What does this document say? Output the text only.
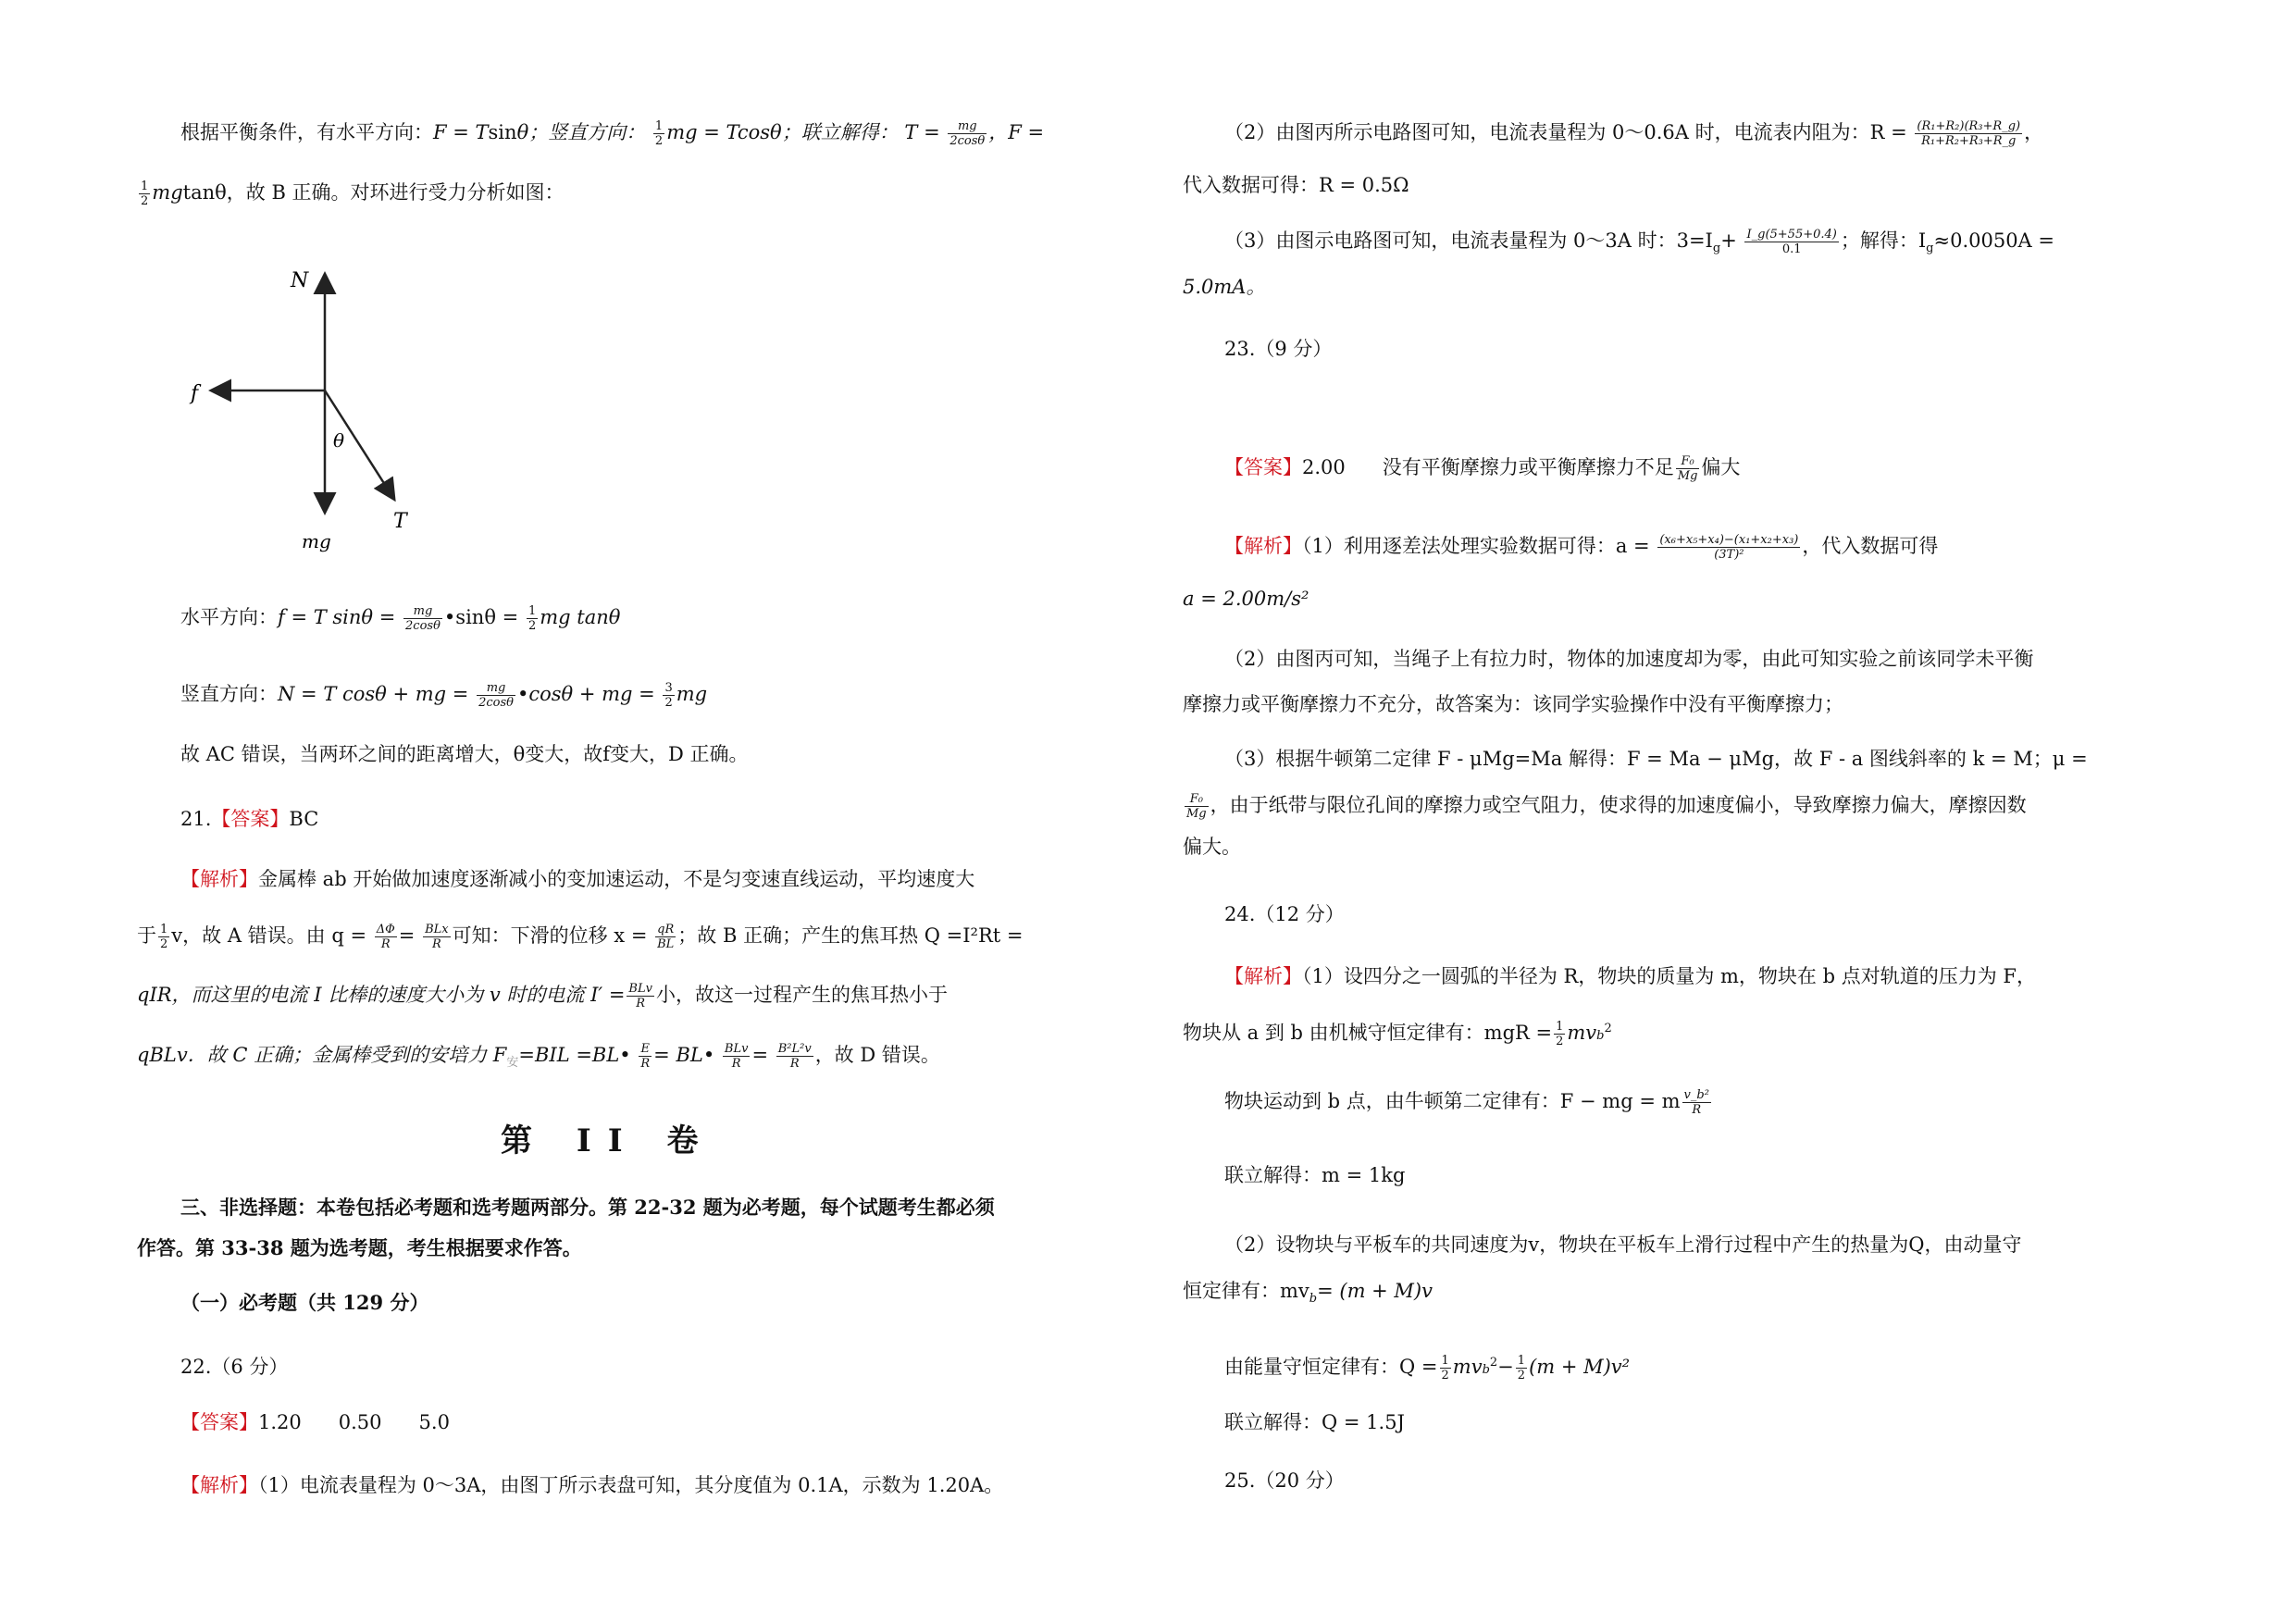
根据平衡条件，有水平方向：F = Tsinθ；竖直方向： $\frac{1}{2}$ mg = Tcosθ；联立解得： $T = \frac{mg}{2\cos\theta}$ ，F =
$\frac{1}{2}$ mgtanθ，故 B 正确。对环进行受力分析如图：
N
f
θ
T
mg
水平方向：f = T $\sin\theta = \frac{mg}{2\cos\theta}$ •sinθ = $\frac{1}{2}$ mg tanθ
竖直方向：N = T cosθ + mg = $\frac{mg}{2\cos\theta}$ •cosθ + mg = $\frac{3}{2}$ mg
故 AC 错误，当两环之间的距离增大，θ变大，故f变大，D 正确。
21.【答案】BC
【解析】金属棒 ab 开始做加速度逐渐减小的变加速运动，不是匀变速直线运动，平均速度大
于 $\frac{1}{2}$ v，故 A 错误。由 $q = \frac{\Delta\Phi}{R} = \frac{\text{BLx}}{R}$ 可知：下滑的位移 $x = \frac{qR}{BL}$ ；故 B 正确；产生的焦耳热 Q =I²Rt =
qIR，而这里的电流 I 比棒的速度大小为 v 时的电流 $I' = \frac{\text{BLv}}{R}$ 小，故这一过程产生的焦耳热小于
qBLv．故 C 正确；金属棒受到的安培力 $F_安=BIL$ =BL• $\frac{E}{R}$ = BL• $\frac{\text{BLv}}{R} = \frac{\text{B²L²v}}{R}$ ，故 D 错误。
第 II 卷
三、非选择题：本卷包括必考题和选考题两部分。第 22-32 题为必考题，每个试题考生都必须
作答。第 33-38 题为选考题，考生根据要求作答。
（一）必考题（共 129 分）
22.（6 分）
【答案】1.20 0.50 5.0
【解析】（1）电流表量程为 0～3A，由图丁所示表盘可知，其分度值为 0.1A，示数为 1.20A。
（2）由图丙所示电路图可知，电流表量程为 0～0.6A 时，电流表内阻为：$R = \frac{\text{(R₁+R₂)(R₃+R\_g)}}{\text{R₁+R₂+R₃+R\_g}}$ ，
代入数据可得：R = 0.5Ω
（3）由图示电路图可知，电流表量程为 0～3A 时：$3=I_g+ \frac{I\_g(5+55+0.4)}{0.1}$ ；解得：$I_g\approx 0.0050A$ =
5.0mA。
23.（9 分）
【答案】2.00 没有平衡摩擦力或平衡摩擦力不足 $\frac{\text{F₀}}{Mg}$ 偏大
【解析】（1）利用逐差法处理实验数据可得：$a = \frac{\text{(x₆+x₅+x₄)−(x₁+x₂+x₃)}}{\text{(3T)²}}$ ，代入数据可得
a = 2.00m/s²
（2）由图丙可知，当绳子上有拉力时，物体的加速度却为零，由此可知实验之前该同学未平衡
摩擦力或平衡摩擦力不充分，故答案为：该同学实验操作中没有平衡摩擦力；
（3）根据牛顿第二定律 F - μMg=Ma 解得：F = Ma − μMg，故 F - a 图线斜率的 k = M；μ =
$\frac{\text{F₀}}{Mg}$ ，由于纸带与限位孔间的摩擦力或空气阻力，使求得的加速度偏小，导致摩擦力偏大，摩擦因数
偏大。
24.（12 分）
【解析】（1）设四分之一圆弧的半径为 R，物块的质量为 m，物块在 b 点对轨道的压力为 F，
物块从 a 到 b 由机械守恒定律有：mgR = $\frac{1}{2} mvb^2$
物块运动到 b 点，由牛顿第二定律有：F − mg = m $\frac{\text{v\_b²}}{R}$
联立解得：m = 1kg
（2）设物块与平板车的共同速度为v，物块在平板车上滑行过程中产生的热量为Q，由动量守
恒定律有：$mv_b= (m + M)v$
由能量守恒定律有：$Q = \frac{1}{2} mvb^2- \frac{1}{2} (m + M)v^2$
联立解得：Q = 1.5J
25.（20 分）
